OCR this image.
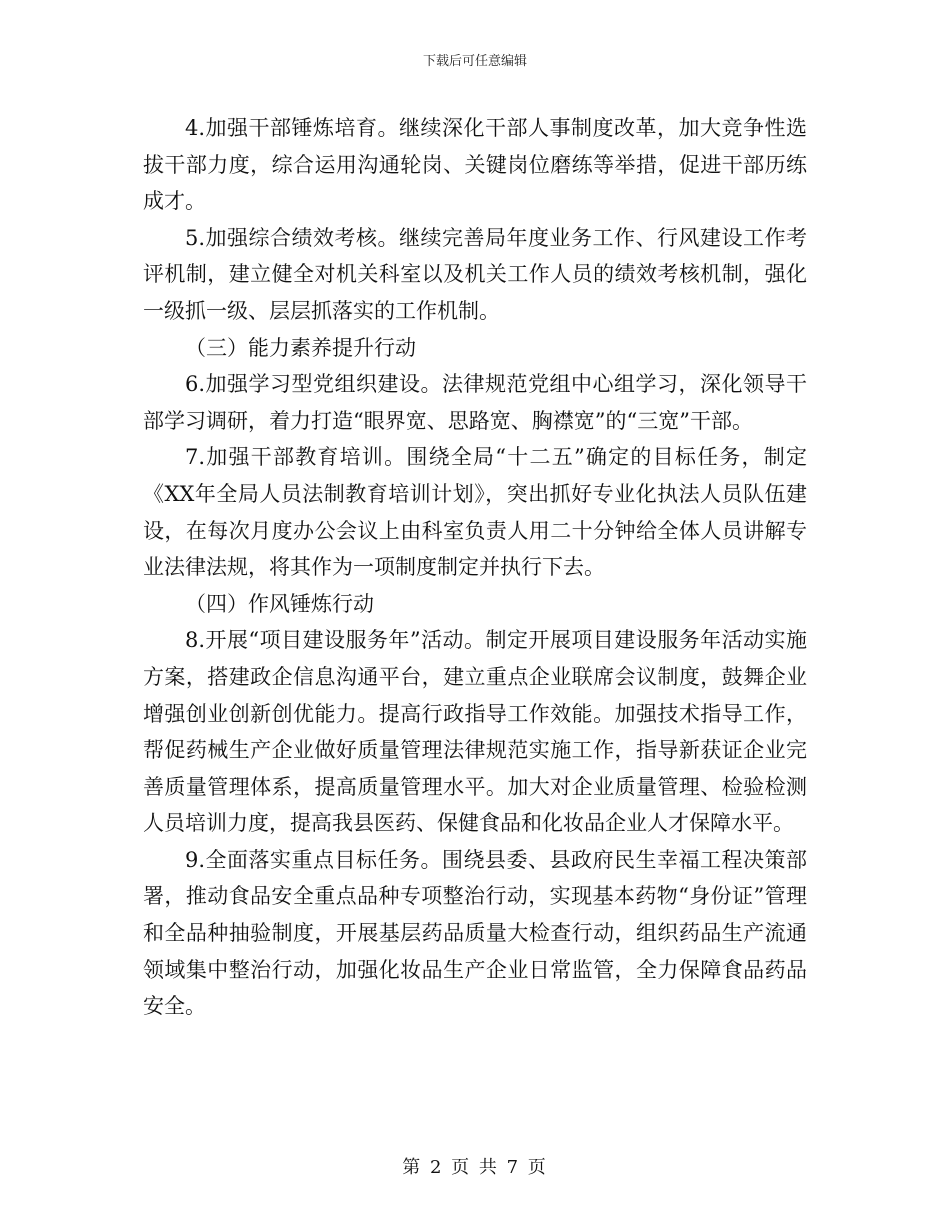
下载后可任意编辑

4.加强干部锤炼培育。继续深化干部人事制度改革，加大竞争性选拔干部力度，综合运用沟通轮岗、关键岗位磨练等举措，促进干部历练成才。

5.加强综合绩效考核。继续完善局年度业务工作、行风建设工作考评机制，建立健全对机关科室以及机关工作人员的绩效考核机制，强化一级抓一级、层层抓落实的工作机制。

（三）能力素养提升行动

6.加强学习型党组织建设。法律规范党组中心组学习，深化领导干部学习调研，着力打造“眼界宽、思路宽、胸襟宽”的“三宽”干部。

7.加强干部教育培训。围绕全局“十二五”确定的目标任务，制定《XX年全局人员法制教育培训计划》，突出抓好专业化执法人员队伍建设，在每次月度办公会议上由科室负责人用二十分钟给全体人员讲解专业法律法规，将其作为一项制度制定并执行下去。

（四）作风锤炼行动

8.开展“项目建设服务年”活动。制定开展项目建设服务年活动实施方案，搭建政企信息沟通平台，建立重点企业联席会议制度，鼓舞企业增强创业创新创优能力。提高行政指导工作效能。加强技术指导工作，帮促药械生产企业做好质量管理法律规范实施工作，指导新获证企业完善质量管理体系，提高质量管理水平。加大对企业质量管理、检验检测人员培训力度，提高我县医药、保健食品和化妆品企业人才保障水平。

9.全面落实重点目标任务。围绕县委、县政府民生幸福工程决策部署，推动食品安全重点品种专项整治行动，实现基本药物“身份证”管理和全品种抽验制度，开展基层药品质量大检查行动，组织药品生产流通领域集中整治行动，加强化妆品生产企业日常监管，全力保障食品药品安全。

第 2 页 共 7 页
